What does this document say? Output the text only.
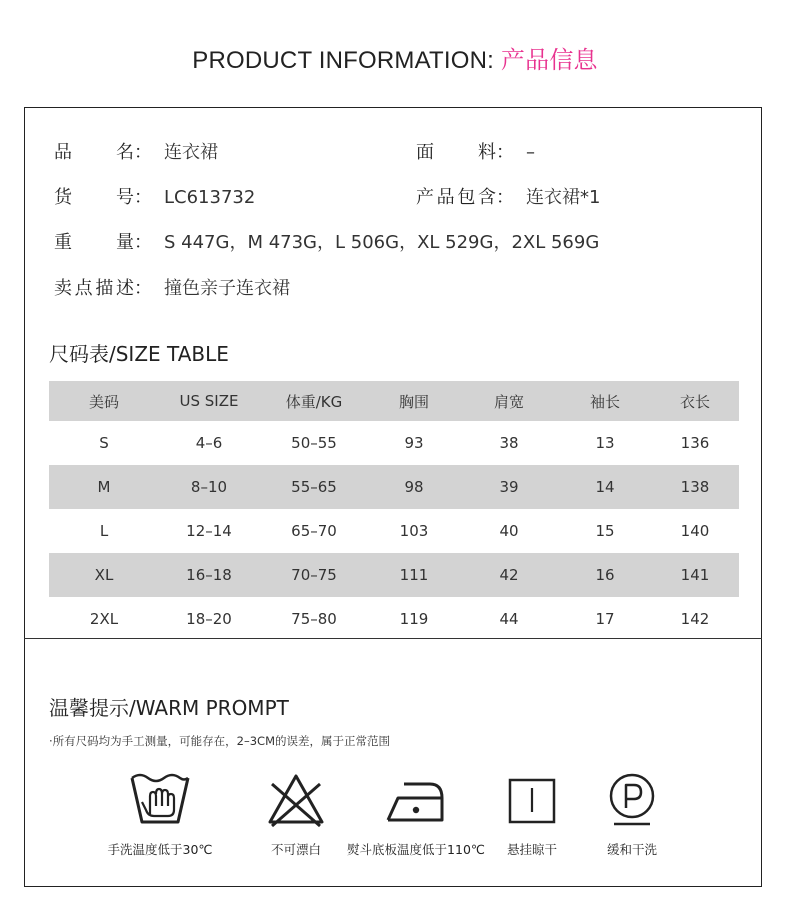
PRODUCT INFORMATION: 产品信息
品名： 连衣裙	面料： –
货号： LC613732	产品包含： 连衣裙*1
重量： S 447G，M 473G，L 506G，XL 529G，2XL 569G
卖点描述： 撞色亲子连衣裙
尺码表/SIZE TABLE
美码	US SIZE	体重/KG	胸围	肩宽	袖长	衣长
S	4–6	50–55	93	38	13	136
M	8–10	55–65	98	39	14	138
L	12–14	65–70	103	40	15	140
XL	16–18	70–75	111	42	16	141
2XL	18–20	75–80	119	44	17	142
温馨提示/WARM PROMPT
·所有尺码均为手工测量，可能存在，2–3CM的误差，属于正常范围
手洗温度低于30℃	不可漂白	熨斗底板温度低于110℃	悬挂晾干	缓和干洗
